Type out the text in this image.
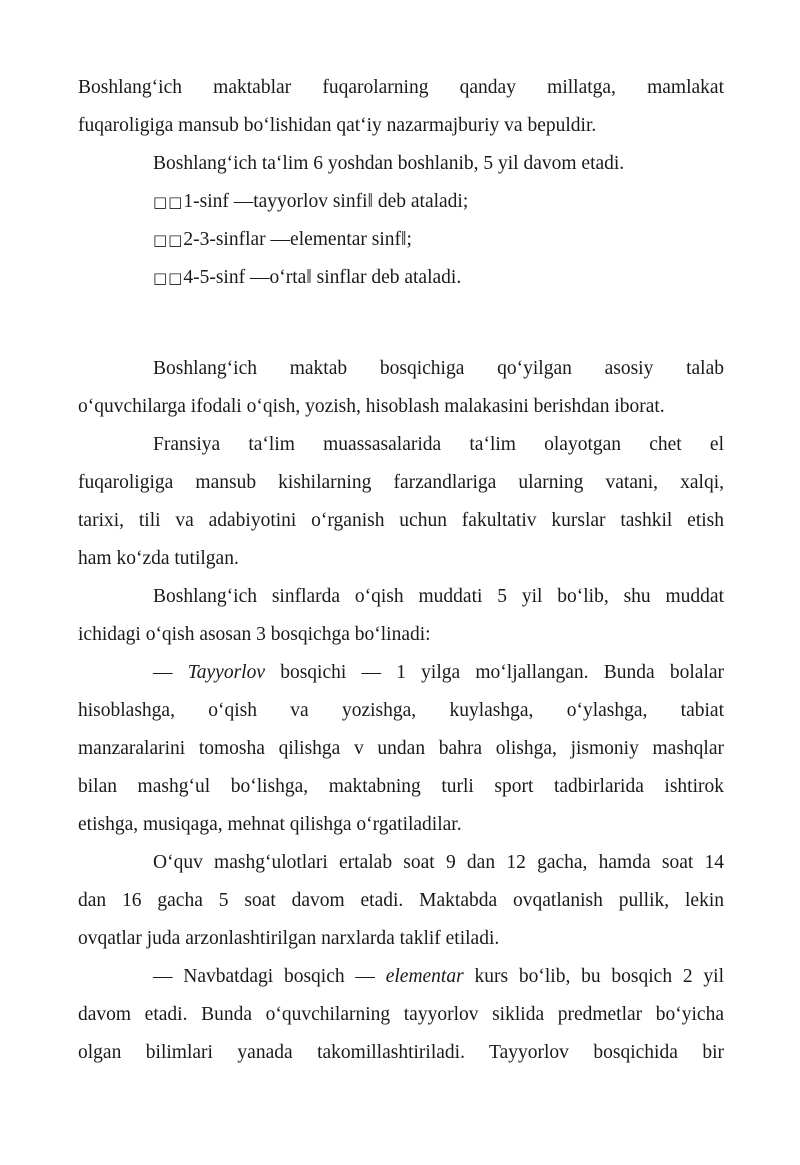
Boshlang‘ich maktablar fuqarolarning qanday millatga, mamlakat
fuqaroligiga mansub bo‘lishidan qat‘iy nazarmajburiy va bepuldir.
Boshlang‘ich ta‘lim 6 yoshdan boshlanib, 5 yil davom etadi.
□□1-sinf ―tayyorlov sinfi‖ deb ataladi;
□□2-3-sinflar ―elementar sinf‖;
□□4-5-sinf ―o‘rta‖ sinflar deb ataladi.
Boshlang‘ich maktab bosqichiga qo‘yilgan asosiy talab
o‘quvchilarga ifodali o‘qish, yozish, hisoblash malakasini berishdan iborat.
Fransiya ta‘lim muassasalarida ta‘lim olayotgan chet el
fuqaroligiga mansub kishilarning farzandlariga ularning vatani, xalqi,
tarixi, tili va adabiyotini o‘rganish uchun fakultativ kurslar tashkil etish
ham ko‘zda tutilgan.
Boshlang‘ich sinflarda o‘qish muddati 5 yil bo‘lib, shu muddat
ichidagi o‘qish asosan 3 bosqichga bo‘linadi:
— Tayyorlov bosqichi — 1 yilga mo‘ljallangan. Bunda bolalar
hisoblashga, o‘qish va yozishga, kuylashga, o‘ylashga, tabiat
manzaralarini tomosha qilishga v undan bahra olishga, jismoniy mashqlar
bilan mashg‘ul bo‘lishga, maktabning turli sport tadbirlarida ishtirok
etishga, musiqaga, mehnat qilishga o‘rgatiladilar.
O‘quv mashg‘ulotlari ertalab soat 9 dan 12 gacha, hamda soat 14
dan 16 gacha 5 soat davom etadi. Maktabda ovqatlanish pullik, lekin
ovqatlar juda arzonlashtirilgan narxlarda taklif etiladi.
— Navbatdagi bosqich — elementar kurs bo‘lib, bu bosqich 2 yil
davom etadi. Bunda o‘quvchilarning tayyorlov siklida predmetlar bo‘yicha
olgan bilimlari yanada takomillashtiriladi. Tayyorlov bosqichida bir
